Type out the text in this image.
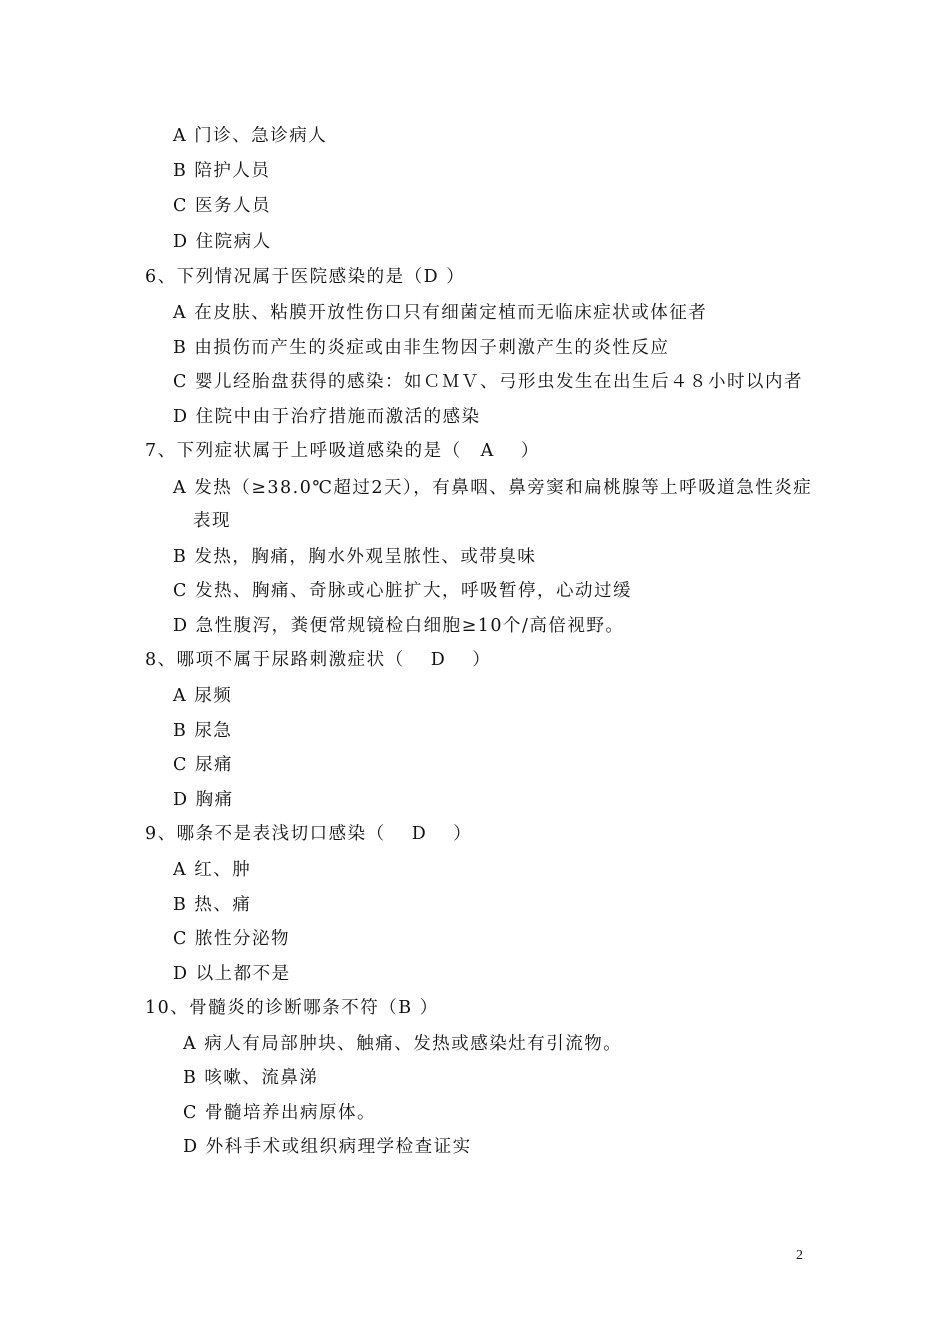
A 门诊、急诊病人
B 陪护人员
C 医务人员
D 住院病人
6、下列情况属于医院感染的是（D ）
A 在皮肤、粘膜开放性伤口只有细菌定植而无临床症状或体征者
B 由损伤而产生的炎症或由非生物因子刺激产生的炎性反应
C 婴儿经胎盘获得的感染：如ＣＭＶ、弓形虫发生在出生后４８小时以内者
D 住院中由于治疗措施而激活的感染
7、下列症状属于上呼吸道感染的是（　A　 ）
A 发热（≥38.0℃超过2天），有鼻咽、鼻旁窦和扁桃腺等上呼吸道急性炎症
表现
B 发热，胸痛，胸水外观呈脓性、或带臭味
C 发热、胸痛、奇脉或心脏扩大，呼吸暂停，心动过缓
D 急性腹泻，粪便常规镜检白细胞≥10个/高倍视野。
8、哪项不属于尿路刺激症状（　 D　 ）
A 尿频
B 尿急
C 尿痛
D 胸痛
9、哪条不是表浅切口感染（　 D　 ）
A 红、肿
B 热、痛
C 脓性分泌物
D 以上都不是
10、骨髓炎的诊断哪条不符（B ）
A 病人有局部肿块、触痛、发热或感染灶有引流物。
B 咳嗽、流鼻涕
C 骨髓培养出病原体。
D 外科手术或组织病理学检查证实
2
